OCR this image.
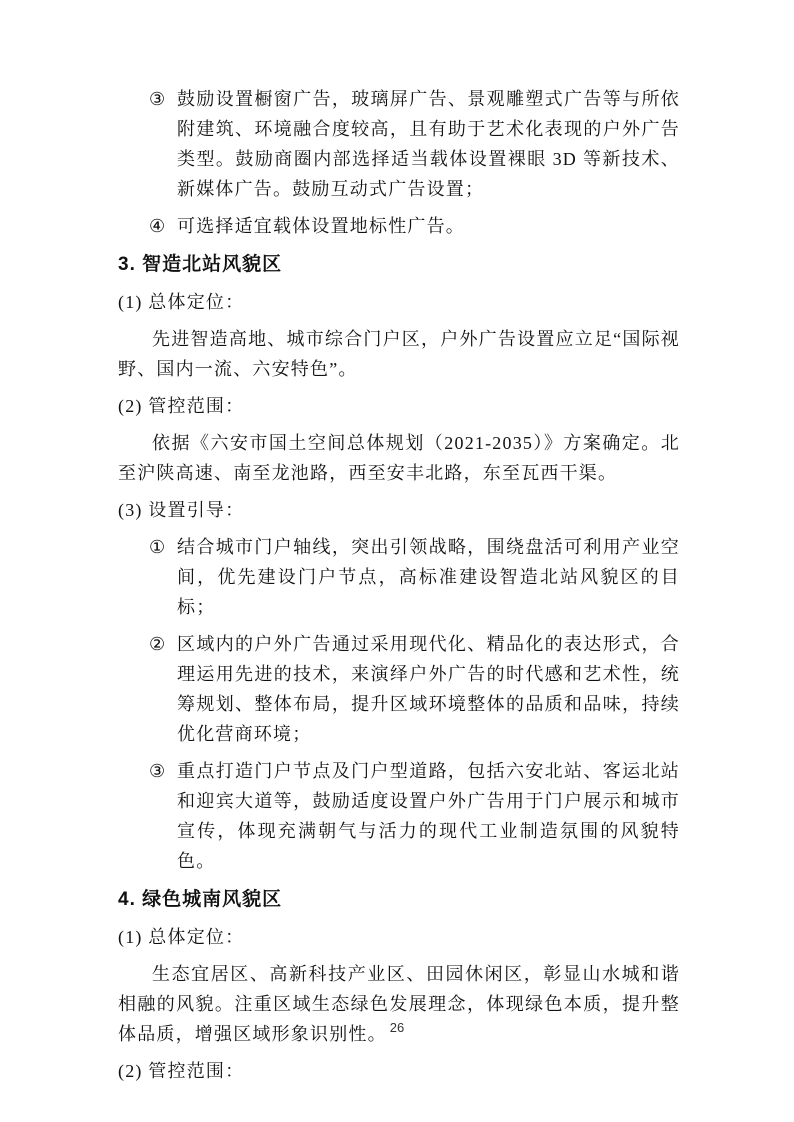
③ 鼓励设置橱窗广告，玻璃屏广告、景观雕塑式广告等与所依附建筑、环境融合度较高，且有助于艺术化表现的户外广告类型。鼓励商圈内部选择适当载体设置裸眼 3D 等新技术、新媒体广告。鼓励互动式广告设置；
④ 可选择适宜载体设置地标性广告。
3. 智造北站风貌区
(1) 总体定位：
先进智造高地、城市综合门户区，户外广告设置应立足“国际视野、国内一流、六安特色”。
(2) 管控范围：
依据《六安市国土空间总体规划（2021-2035）》方案确定。北至沪陕高速、南至龙池路，西至安丰北路，东至瓦西干渠。
(3) 设置引导：
① 结合城市门户轴线，突出引领战略，围绕盘活可利用产业空间，优先建设门户节点，高标准建设智造北站风貌区的目标；
② 区域内的户外广告通过采用现代化、精品化的表达形式，合理运用先进的技术，来演绎户外广告的时代感和艺术性，统筹规划、整体布局，提升区域环境整体的品质和品味，持续优化营商环境；
③ 重点打造门户节点及门户型道路，包括六安北站、客运北站和迎宾大道等，鼓励适度设置户外广告用于门户展示和城市宣传，体现充满朝气与活力的现代工业制造氛围的风貌特色。
4. 绿色城南风貌区
(1) 总体定位：
生态宜居区、高新科技产业区、田园休闲区，彰显山水城和谐相融的风貌。注重区域生态绿色发展理念，体现绿色本质，提升整体品质，增强区域形象识别性。
(2) 管控范围：
26
